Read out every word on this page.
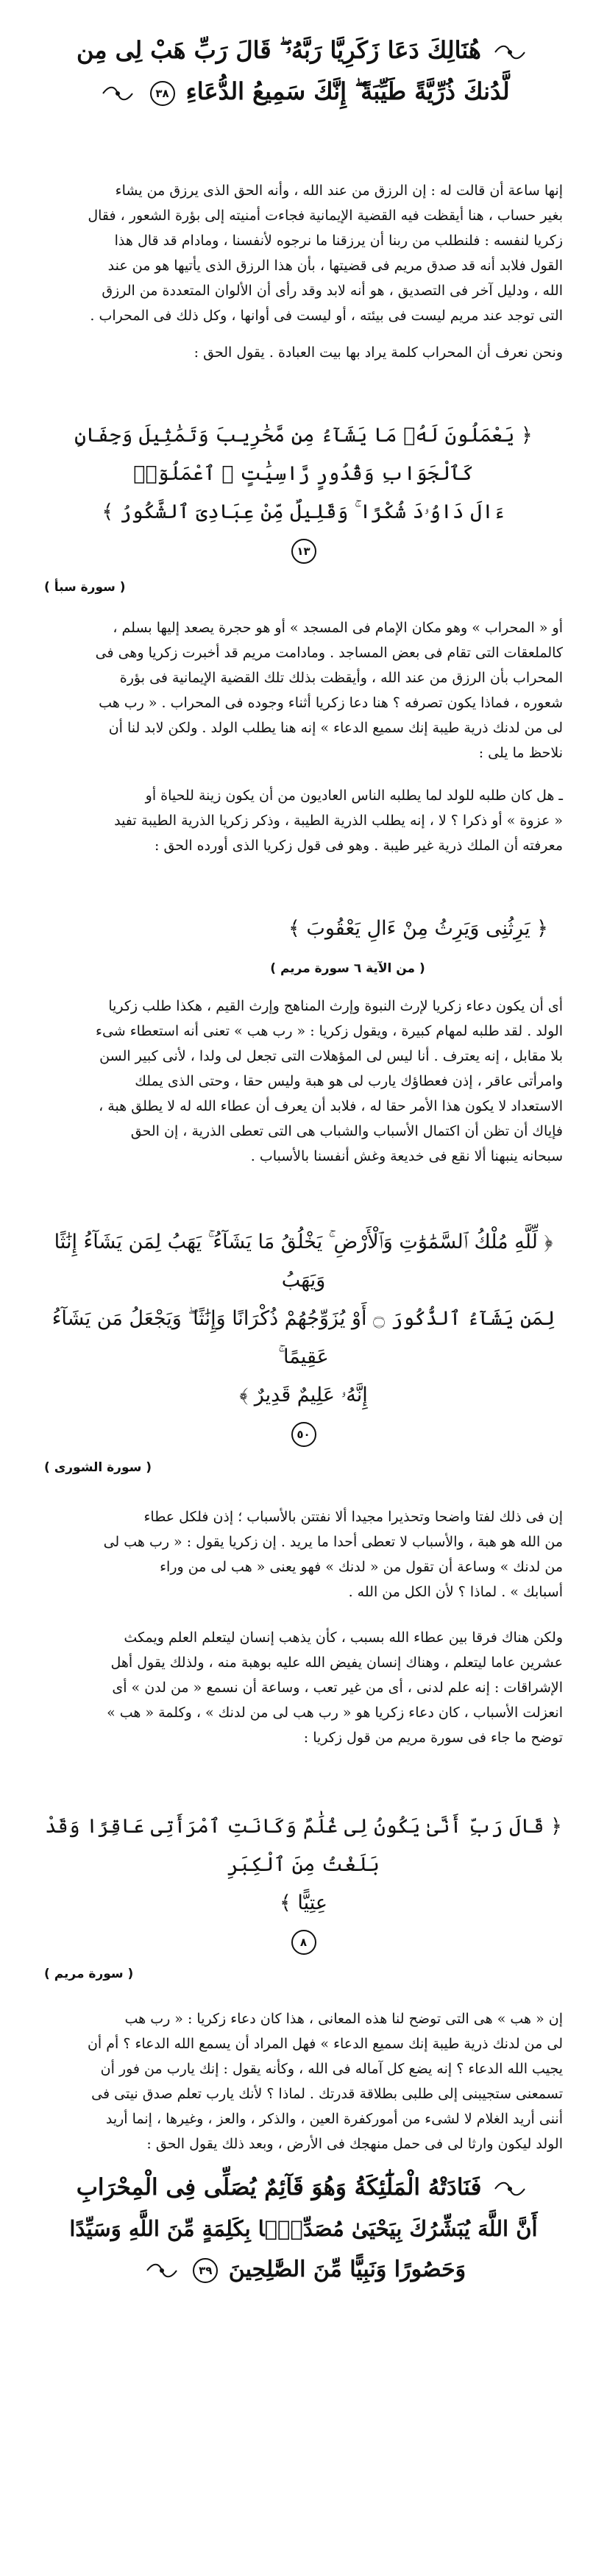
هُنَالِكَ دَعَا زَكَرِيَّا رَبَّهُۥ ۖ قَالَ رَبِّ هَبْ لِى مِن
لَّدُنكَ ذُرِّيَّةً طَيِّبَةً ۖ إِنَّكَ سَمِيعُ الدُّعَاءِ ٣٨

إنها ساعة أن قالت له : إن الرزق من عند الله ، وأنه الحق الذى يرزق من يشاء
بغير حساب ، هنا أيقظت فيه القضية الإيمانية فجاءت أمنيته إلى بؤرة الشعور ، فقال
زكريا لنفسه : فلنطلب من ربنا أن يرزقنا ما نرجوه لأنفسنا ، ومادام قد قال هذا
القول فلابد أنه قد صدق مريم فى قضيتها ، بأن هذا الرزق الذى يأتيها هو من عند
الله ، ودليل آخر فى التصديق ، هو أنه لابد وقد رأى أن الألوان المتعددة من الرزق
التى توجد عند مريم ليست فى بيئته ، أو ليست فى أوانها ، وكل ذلك فى المحراب .

ونحن نعرف أن المحراب كلمة يراد بها بيت العبادة . يقول الحق :

﴿ يَعْمَلُونَ لَهُۥ مَا يَشَآءُ مِن مَّحَٰرِيبَ وَتَمَٰثِيلَ وَجِفَانٍ كَٱلْجَوَابِ وَقُدُورٍ رَّاسِيَٰتٍ ۚ ٱعْمَلُوٓا۟
ءَالَ دَاوُۥدَ شُكْرًا ۚ وَقَلِيلٌ مِّنْ عِبَادِىَ ٱلشَّكُورُ ﴾
١٣

( سورة سبأ )

أو « المحراب » وهو مكان الإمام فى المسجد » أو هو حجرة يصعد إليها بسلم ،
كالملعقات التى تقام فى بعض المساجد . ومادامت مريم قد أخبرت زكريا وهى فى
المحراب بأن الرزق من عند الله ، وأيقظت بذلك تلك القضية الإيمانية فى بؤرة
شعوره ، فماذا يكون تصرفه ؟ هنا دعا زكريا أثناء وجوده فى المحراب . « رب هب
لى من لدنك ذرية طيبة إنك سميع الدعاء » إنه هنا يطلب الولد . ولكن لابد لنا أن
نلاحظ ما يلى :

ـ هل كان طلبه للولد لما يطلبه الناس العاديون من أن يكون زينة للحياة أو
« عزوة » أو ذكرا ؟ لا ، إنه يطلب الذرية الطيبة ، وذكر زكريا الذرية الطيبة تفيد
معرفته أن الملك ذرية غير طيبة . وهو فى قول زكريا الذى أورده الحق :

﴿ يَرِثُنِى وَيَرِثُ مِنْ ءَالِ يَعْقُوبَ ﴾

( من الآية ٦ سورة مريم )

أى أن يكون دعاء زكريا لإرث النبوة وإرث المناهج وإرث القيم ، هكذا طلب زكريا
الولد . لقد طلبه لمهام كبيرة ، ويقول زكريا : « رب هب » تعنى أنه استعطاء شىء
بلا مقابل ، إنه يعترف . أنا ليس لى المؤهلات التى تجعل لى ولدا ، لأنى كبير السن
وامرأتى عاقر ، إذن فعطاؤك يارب لى هو هبة وليس حقا ، وحتى الذى يملك
الاستعداد لا يكون هذا الأمر حقا له ، فلابد أن يعرف أن عطاء الله له لا يطلق هبة ،
فإياك أن تظن أن اكتمال الأسباب والشباب هى التى تعطى الذرية ، إن الحق
سبحانه ينبهنا ألا نقع فى خديعة وغش أنفسنا بالأسباب .

﴿ لِّلَّهِ مُلْكُ ٱلسَّمَٰوَٰتِ وَٱلْأَرْضِ ۚ يَخْلُقُ مَا يَشَآءُ ۚ يَهَبُ لِمَن يَشَآءُ إِنَٰثًا وَيَهَبُ
لِمَن يَشَآءُ ٱلذُّكُورَ ۝ أَوْ يُزَوِّجُهُمْ ذُكْرَانًا وَإِنَٰثًا ۖ وَيَجْعَلُ مَن يَشَآءُ عَقِيمًا ۚ
إِنَّهُۥ عَلِيمٌ قَدِيرٌ ﴾
٥٠

( سورة الشورى )

إن فى ذلك لفتا واضحا وتحذيرا مجيدا ألا نفتتن بالأسباب ؛ إذن فلكل عطاء
من الله هو هبة ، والأسباب لا تعطى أحدا ما يريد . إن زكريا يقول : « رب هب لى
من لدنك » وساعة أن تقول من « لدنك » فهو يعنى « هب لى من وراء
أسبابك » . لماذا ؟ لأن الكل من الله .

ولكن هناك فرقا بين عطاء الله بسبب ، كأن يذهب إنسان ليتعلم العلم ويمكث
عشرين عاما ليتعلم ، وهناك إنسان يفيض الله عليه بوهبة منه ، ولذلك يقول أهل
الإشراقات : إنه علم لدنى ، أى من غير تعب ، وساعة أن نسمع « من لدن » أى
انعزلت الأسباب ، كان دعاء زكريا هو « رب هب لى من لدنك » ، وكلمة « هب »
توضح ما جاء فى سورة مريم من قول زكريا :

﴿ قَالَ رَبِّ أَنَّىٰ يَكُونُ لِى غُلَٰمٌ وَكَانَتِ ٱمْرَأَتِى عَاقِرًا وَقَدْ بَلَغْتُ مِنَ ٱلْكِبَرِ
عِتِيًّا ﴾
٨

( سورة مريم )

إن « هب » هى التى توضح لنا هذه المعانى ، هذا كان دعاء زكريا : « رب هب
لى من لدنك ذرية طيبة إنك سميع الدعاء » فهل المراد أن يسمع الله الدعاء ؟ أم أن
يجيب الله الدعاء ؟ إنه يضع كل آماله فى الله ، وكأنه يقول : إنك يارب من فور أن
تسمعنى ستجيبنى إلى طلبى بطلاقة قدرتك . لماذا ؟ لأنك يارب تعلم صدق نيتى فى
أننى أريد الغلام لا لشىء من أموركفرة العين ، والذكر ، والعز ، وغيرها ، إنما أريد
الولد ليكون وارثا لى فى حمل منهجك فى الأرض ، وبعد ذلك يقول الحق :

فَنَادَتْهُ الْمَلَٰٓئِكَةُ وَهُوَ قَآئِمٌ يُصَلِّى فِى الْمِحْرَابِ
أَنَّ اللَّهَ يُبَشِّرُكَ بِيَحْيَىٰ مُصَدِّقًۢا بِكَلِمَةٍ مِّنَ اللَّهِ وَسَيِّدًا
وَحَصُورًا وَنَبِيًّا مِّنَ الصَّٰلِحِينَ ٣٩
